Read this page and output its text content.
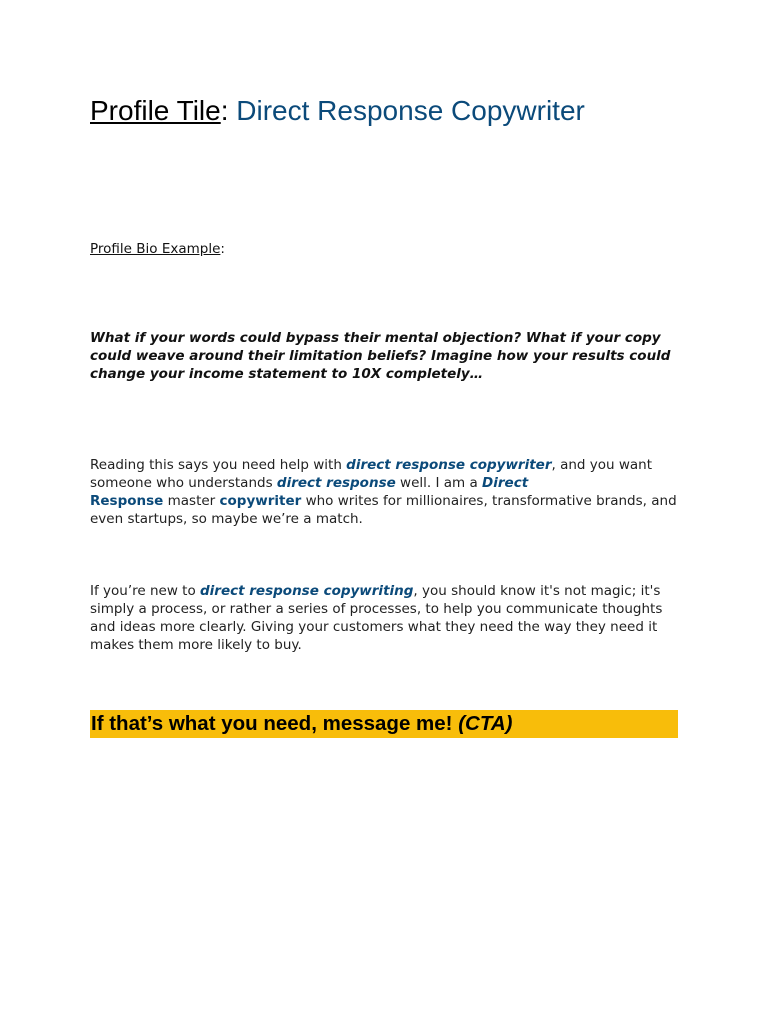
Profile Tile: Direct Response Copywriter
Profile Bio Example:

What if your words could bypass their mental objection? What if your copy could weave around their limitation beliefs? Imagine how your results could change your income statement to 10X completely…

Reading this says you need help with direct response copywriter, and you want someone who understands direct response well. I am a Direct
Response master copywriter who writes for millionaires, transformative brands, and even startups, so maybe we’re a match.

If you’re new to direct response copywriting, you should know it's not magic; it's simply a process, or rather a series of processes, to help you communicate thoughts and ideas more clearly. Giving your customers what they need the way they need it makes them more likely to buy.

If that’s what you need, message me! (CTA)
